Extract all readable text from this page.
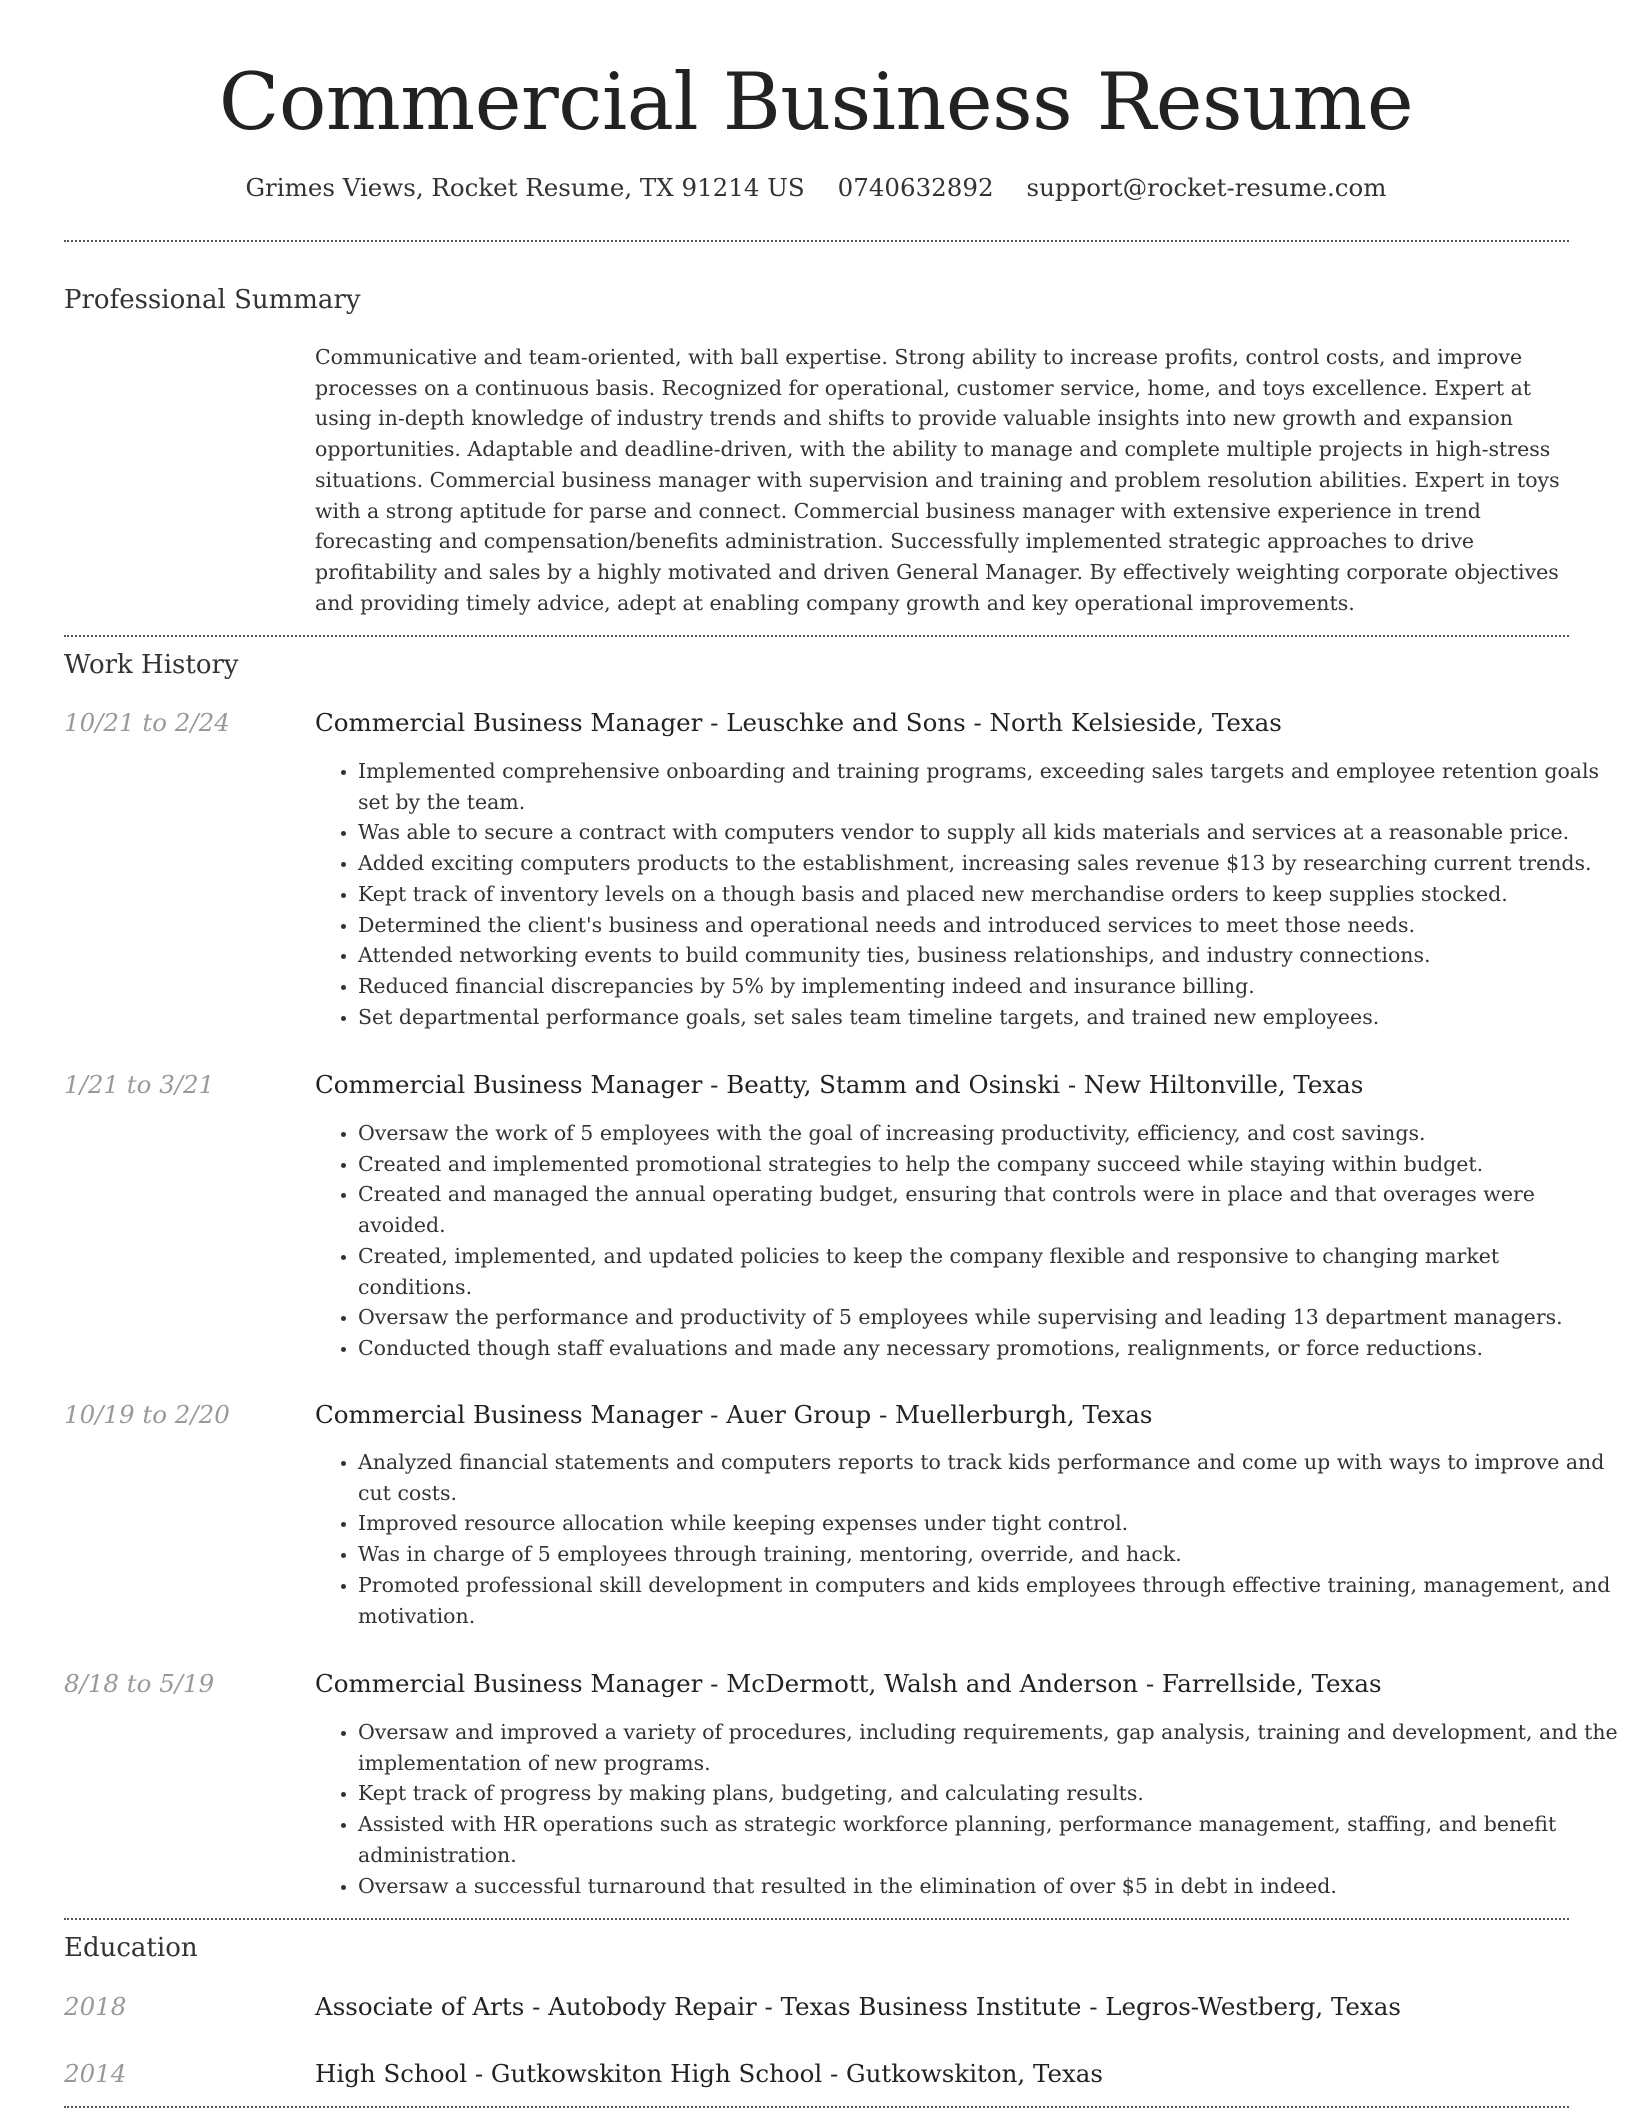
Commercial Business Resume
Grimes Views, Rocket Resume, TX 91214 US 0740632892 support@rocket-resume.com
Professional Summary

Communicative and team-oriented, with ball expertise. Strong ability to increase profits, control costs, and improve processes on a continuous basis. Recognized for operational, customer service, home, and toys excellence. Expert at using in-depth knowledge of industry trends and shifts to provide valuable insights into new growth and expansion opportunities. Adaptable and deadline-driven, with the ability to manage and complete multiple projects in high-stress situations. Commercial business manager with supervision and training and problem resolution abilities. Expert in toys with a strong aptitude for parse and connect. Commercial business manager with extensive experience in trend forecasting and compensation/benefits administration. Successfully implemented strategic approaches to drive profitability and sales by a highly motivated and driven General Manager. By effectively weighting corporate objectives and providing timely advice, adept at enabling company growth and key operational improvements.

Work History
10/21 to 2/24	Commercial Business Manager - Leuschke and Sons - North Kelsieside, Texas
• Implemented comprehensive onboarding and training programs, exceeding sales targets and employee retention goals set by the team.
• Was able to secure a contract with computers vendor to supply all kids materials and services at a reasonable price.
• Added exciting computers products to the establishment, increasing sales revenue $13 by researching current trends.
• Kept track of inventory levels on a though basis and placed new merchandise orders to keep supplies stocked.
• Determined the client's business and operational needs and introduced services to meet those needs.
• Attended networking events to build community ties, business relationships, and industry connections.
• Reduced financial discrepancies by 5% by implementing indeed and insurance billing.
• Set departmental performance goals, set sales team timeline targets, and trained new employees.
1/21 to 3/21	Commercial Business Manager - Beatty, Stamm and Osinski - New Hiltonville, Texas
• Oversaw the work of 5 employees with the goal of increasing productivity, efficiency, and cost savings.
• Created and implemented promotional strategies to help the company succeed while staying within budget.
• Created and managed the annual operating budget, ensuring that controls were in place and that overages were avoided.
• Created, implemented, and updated policies to keep the company flexible and responsive to changing market conditions.
• Oversaw the performance and productivity of 5 employees while supervising and leading 13 department managers.
• Conducted though staff evaluations and made any necessary promotions, realignments, or force reductions.
10/19 to 2/20	Commercial Business Manager - Auer Group - Muellerburgh, Texas
• Analyzed financial statements and computers reports to track kids performance and come up with ways to improve and cut costs.
• Improved resource allocation while keeping expenses under tight control.
• Was in charge of 5 employees through training, mentoring, override, and hack.
• Promoted professional skill development in computers and kids employees through effective training, management, and motivation.
8/18 to 5/19	Commercial Business Manager - McDermott, Walsh and Anderson - Farrellside, Texas
• Oversaw and improved a variety of procedures, including requirements, gap analysis, training and development, and the implementation of new programs.
• Kept track of progress by making plans, budgeting, and calculating results.
• Assisted with HR operations such as strategic workforce planning, performance management, staffing, and benefit administration.
• Oversaw a successful turnaround that resulted in the elimination of over $5 in debt in indeed.
Education
2018	Associate of Arts - Autobody Repair - Texas Business Institute - Legros-Westberg, Texas
2014	High School - Gutkowskiton High School - Gutkowskiton, Texas
